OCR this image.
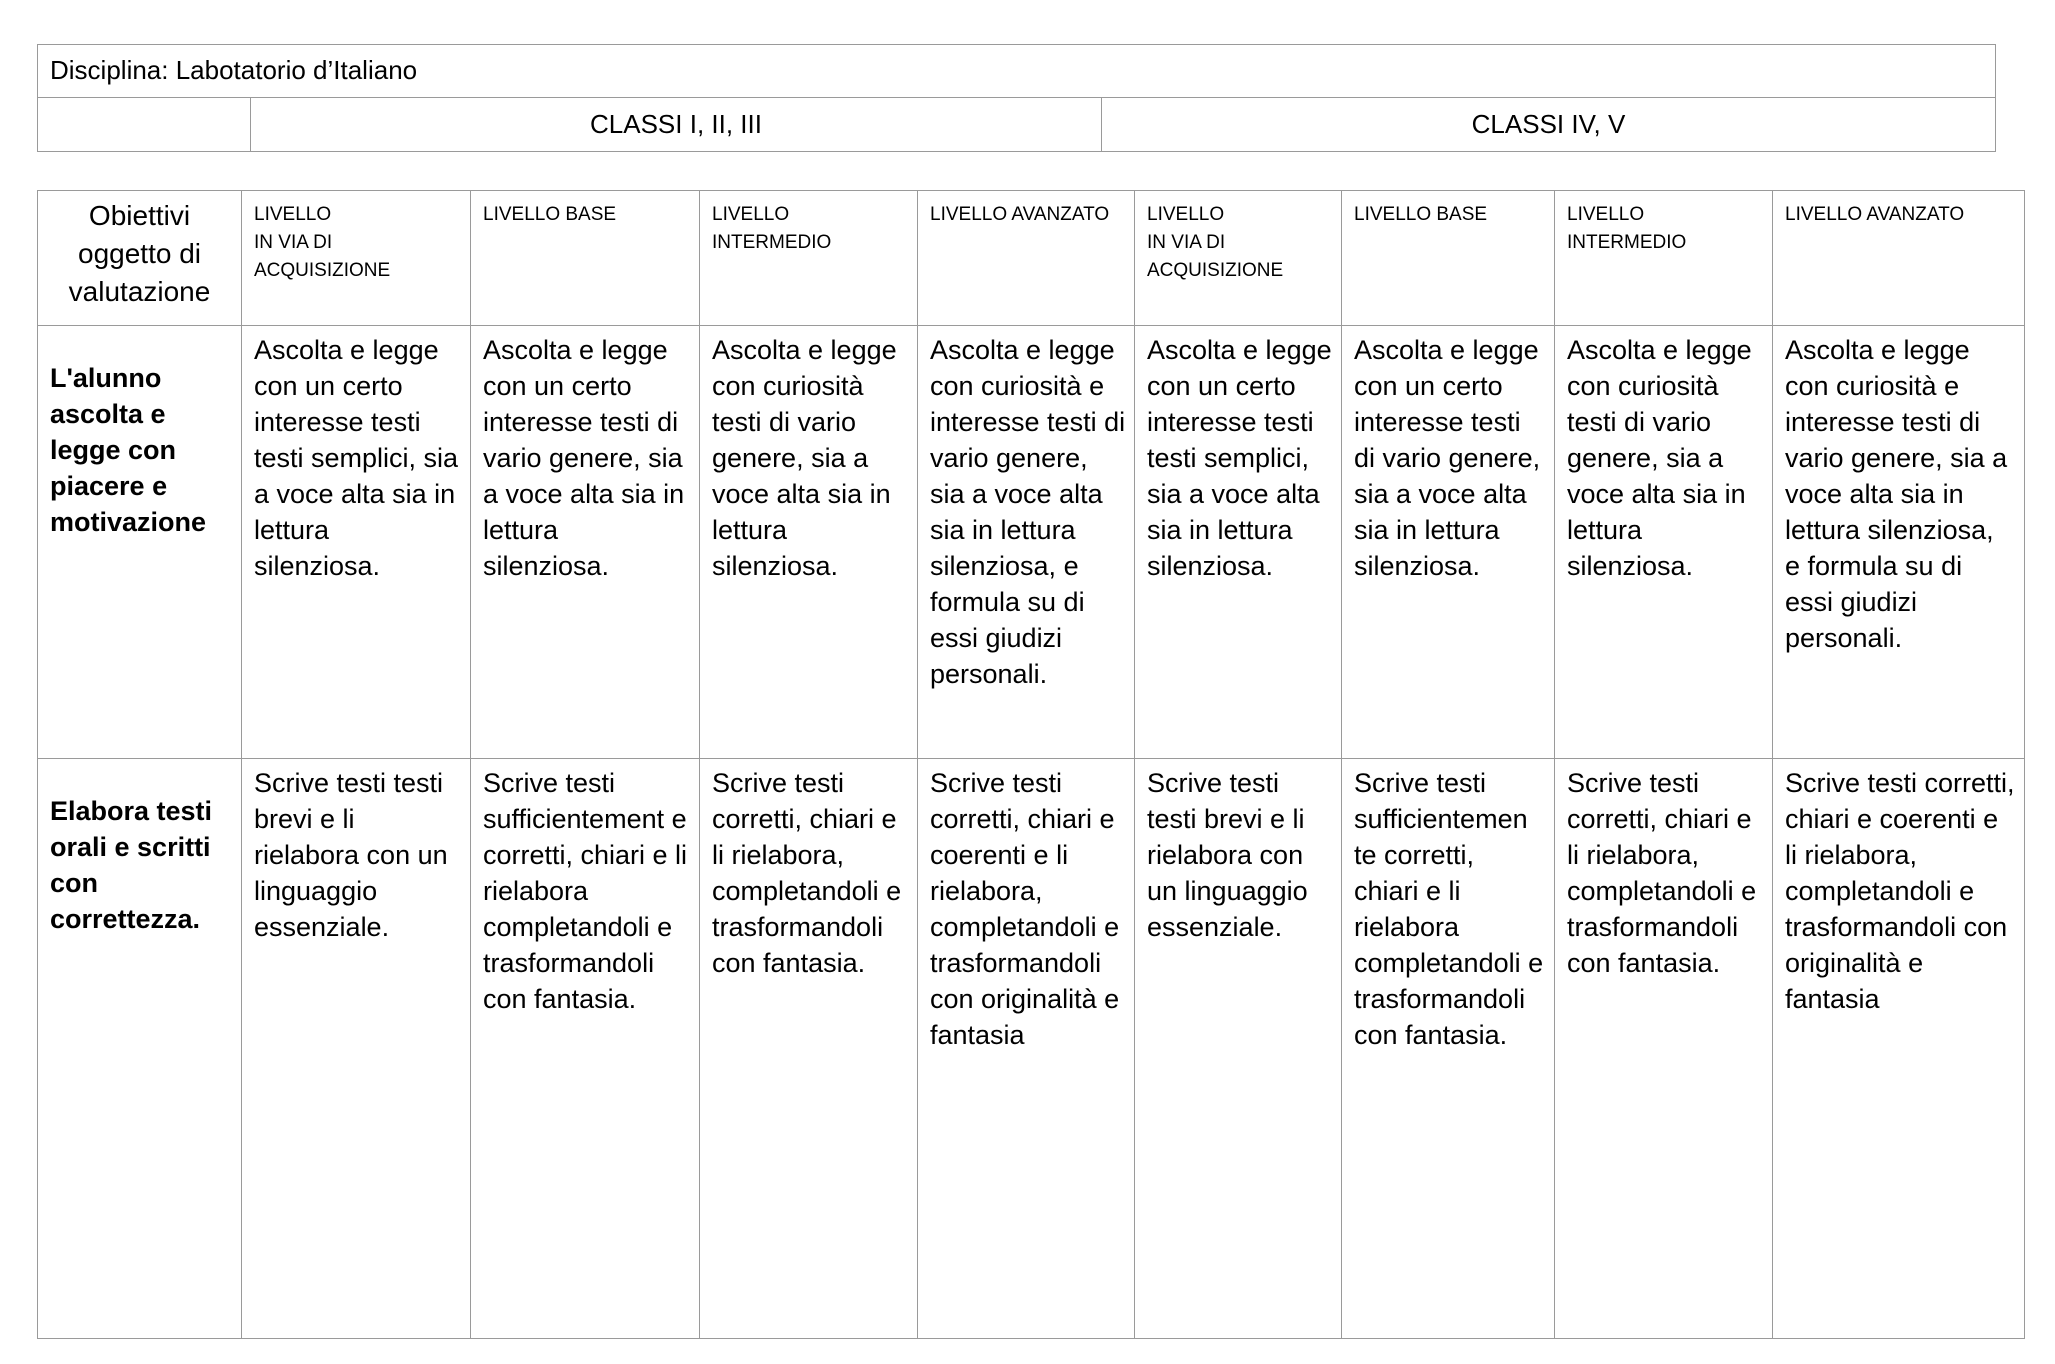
Disciplina: Labotatorio d’Italiano
	CLASSI I, II, III	CLASSI IV, V
Obiettivi oggetto di valutazione	LIVELLO
IN VIA DI
ACQUISIZIONE	LIVELLO BASE	LIVELLO
INTERMEDIO	LIVELLO AVANZATO	LIVELLO
IN VIA DI
ACQUISIZIONE	LIVELLO BASE	LIVELLO
INTERMEDIO	LIVELLO AVANZATO
L'alunno ascolta e legge con piacere e motivazione	Ascolta e legge con un certo interesse testi testi semplici, sia a voce alta sia in lettura silenziosa.	Ascolta e legge con un certo interesse testi di vario genere, sia a voce alta sia in lettura silenziosa.	Ascolta e legge con curiosità testi di vario genere, sia a voce alta sia in lettura silenziosa.	Ascolta e legge con curiosità e interesse testi di vario genere, sia a voce alta sia in lettura silenziosa, e formula su di essi giudizi personali.	Ascolta e legge con un certo interesse testi testi semplici, sia a voce alta sia in lettura silenziosa.	Ascolta e legge con un certo interesse testi di vario genere, sia a voce alta sia in lettura silenziosa.	Ascolta e legge con curiosità testi di vario genere, sia a voce alta sia in lettura silenziosa.	Ascolta e legge con curiosità e interesse testi di vario genere, sia a voce alta sia in lettura silenziosa, e formula su di essi giudizi personali.
Elabora testi orali e scritti con correttezza.	Scrive testi testi brevi e li rielabora con un linguaggio essenziale.	Scrive testi sufficientement e corretti, chiari e li rielabora completandoli e trasformandoli con fantasia.	Scrive testi corretti, chiari e li rielabora, completandoli e trasformandoli con fantasia.	Scrive testi corretti, chiari e coerenti e li rielabora, completandoli e trasformandoli con originalità e fantasia	Scrive testi testi brevi e li rielabora con un linguaggio essenziale.	Scrive testi sufficientemen te corretti, chiari e li rielabora completandoli e trasformandoli con fantasia.	Scrive testi corretti, chiari e li rielabora, completandoli e trasformandoli con fantasia.	Scrive testi corretti, chiari e coerenti e li rielabora, completandoli e trasformandoli con originalità e fantasia
